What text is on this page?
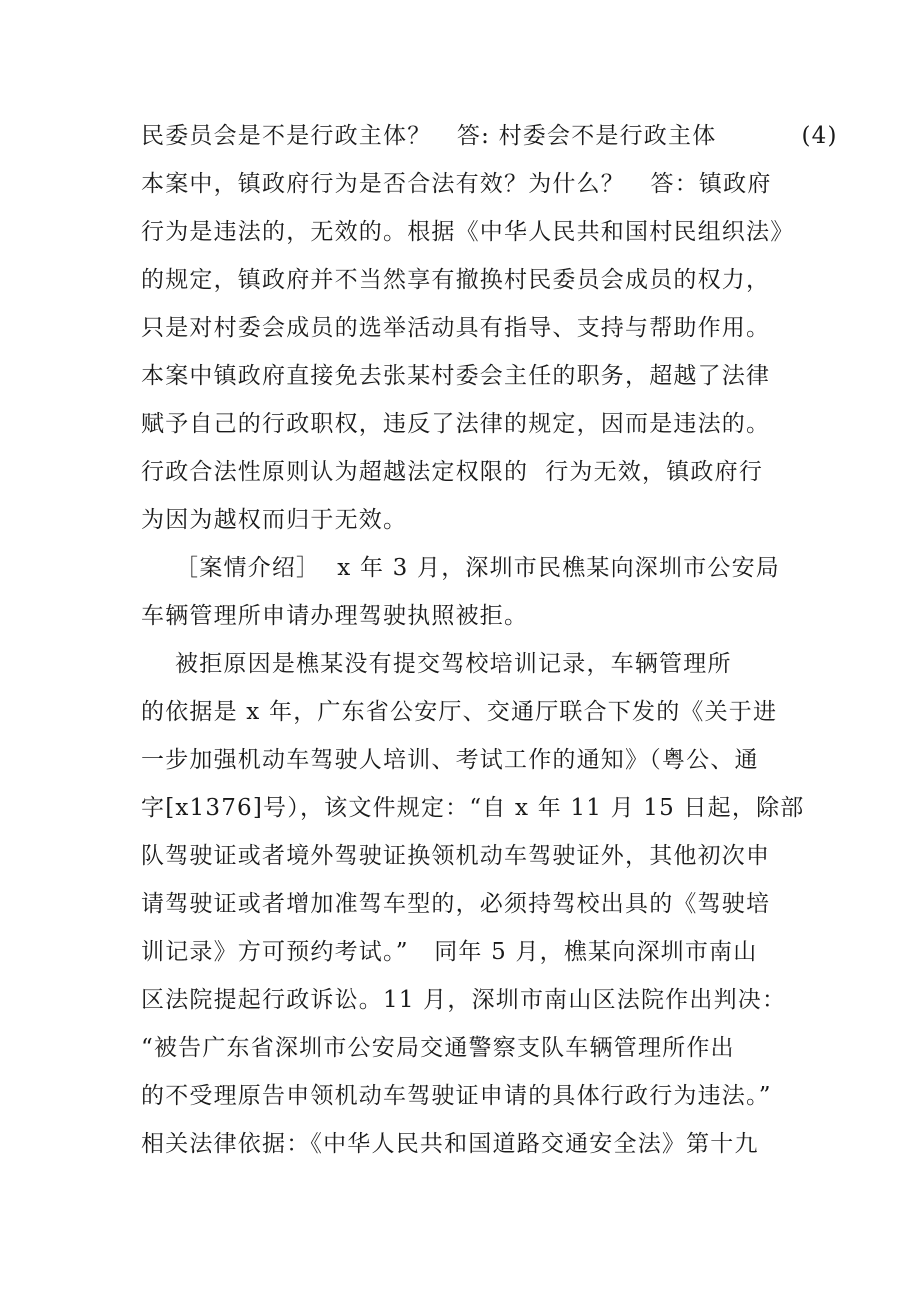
民委员会是不是行政主体？   答: 村委会不是行政主体          (4)
本案中，镇政府行为是否合法有效？为什么？   答：镇政府
行为是违法的，无效的。根据《中华人民共和国村民组织法》
的规定，镇政府并不当然享有撤换村民委员会成员的权力，
只是对村委会成员的选举活动具有指导、支持与帮助作用。
本案中镇政府直接免去张某村委会主任的职务，超越了法律
赋予自己的行政职权，违反了法律的规定，因而是违法的。
行政合法性原则认为超越法定权限的  行为无效，镇政府行
为因为越权而归于无效。
［案情介绍］  x 年 3 月，深圳市民樵某向深圳市公安局
车辆管理所申请办理驾驶执照被拒。
被拒原因是樵某没有提交驾校培训记录，车辆管理所
的依据是 x 年，广东省公安厅、交通厅联合下发的《关于进
一步加强机动车驾驶人培训、考试工作的通知》（粤公、通
字[x1376]号），该文件规定：“自 x 年 11 月 15 日起，除部
队驾驶证或者境外驾驶证换领机动车驾驶证外，其他初次申
请驾驶证或者增加准驾车型的，必须持驾校出具的《驾驶培
训记录》方可预约考试。”   同年 5 月，樵某向深圳市南山
区法院提起行政诉讼。11 月，深圳市南山区法院作出判决：
“被告广东省深圳市公安局交通警察支队车辆管理所作出
的不受理原告申领机动车驾驶证申请的具体行政行为违法。”
相关法律依据：《中华人民共和国道路交通安全法》第十九
